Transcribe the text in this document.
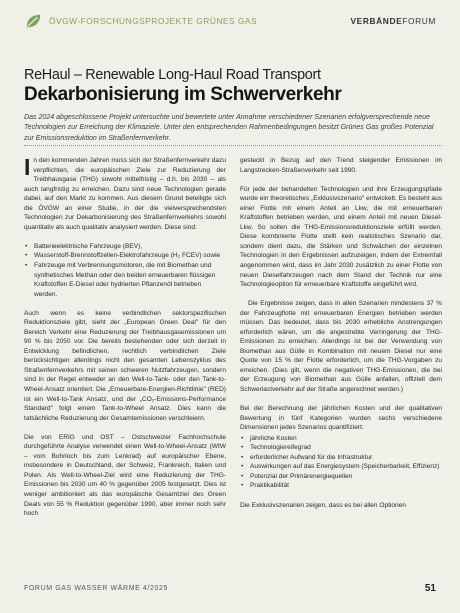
ÖVGW-FORSCHUNGSPROJEKTE GRÜNES GAS	VERBÄNDEFORUM
ReHaul – Renewable Long-Haul Road Transport
Dekarbonisierung im Schwerverkehr

Das 2024 abgeschlossene Projekt untersuchte und bewertete unter Annahme verschiedener Szenarien erfolgversprechende neue Technologien zur Erreichung der Klimaziele. Unter den entsprechenden Rahmenbedingungen besitzt Grünes Gas großes Potenzial zur Emissionsreduktion im Straßenfernverkehr.

In den kommenden Jahren muss sich der Straßenfernverkehr dazu verpflichten, die europäischen Ziele zur Reduzierung der Treibhausgase (THG) sowohl mittelfristig – d.h. bis 2030 – als auch langfristig zu erreichen. Dazu sind neue Technologien gerade dabei, auf den Markt zu kommen. Aus diesem Grund beteiligte sich die ÖVGW an einer Studie, in der die vielversprechendsten Technologien zur Dekarbonisierung des Straßenfernverkehrs sowohl quantitativ als auch qualitativ analysiert werden. Diese sind:

• Batterieelektrische Fahrzeuge (BEV),
• Wasserstoff-Brennstoffzellen-Elektrofahrzeuge (H₂ FCEV) sowie
• Fahrzeuge mit Verbrennungsmotoren, die mit Biomethan und synthetisches Methan oder den beiden erneuerbaren flüssigen Kraftstoffen E-Diesel oder hydrierten Pflanzenöl betrieben werden.

Auch wenn es keine verbindlichen sektorspezifischen Reduktionsziele gibt, sieht der „European Green Deal" für den Bereich Verkehr eine Reduzierung der Treibhausgasemissionen um 90 % bis 2050 vor. Die bereits bestehenden oder sich derzeit in Entwicklung befindlichen, rechtlich verbindlichen Ziele berücksichtigen allerdings nicht den gesamten Lebenszyklus des Straßenfernverkehrs mit seinen schweren Nutzfahrzeugen, sondern sind in der Regel entweder an den Well-to-Tank- oder den Tank-to-Wheel-Ansatz orientiert. Die „Erneuerbare-Energien-Richtlinie" (RED) ist ein Well-to-Tank Ansatz, und der „CO₂-Emissions-Performance Standard" folgt einem Tank-to-Wheel Ansatz. Dies kann die tatsächliche Reduzierung der Gesamtemissionen verschleiern.

Die von ERIG und OST – Ostschweizer Fachhochschule durchgeführte Analyse verwendet einen Well-to-Wheel-Ansatz (WtW – vom Bohrloch bis zum Lenkrad) auf europäischer Ebene, insbesondere in Deutschland, der Schweiz, Frankreich, Italien und Polen. Als Well-to-Wheel-Ziel wird eine Reduzierung der THG-Emissionen bis 2030 um 40 % gegenüber 2005 festgesetzt. Dies ist weniger ambitioniert als das europäische Gesamtziel des Green Deals von 55 % Reduktion gegenüber 1990, aber immer noch sehr hoch

gesteckt in Bezug auf den Trend steigender Emissionen im Langstrecken-Straßenverkehr seit 1990.

Für jede der behandelten Technologien und ihre Erzeugungspfade wurde ein theoretisches „Exklusivszenario" entwickelt. Es besteht aus einer Flotte mit einem Anteil an Lkw, die mit erneuerbaren Kraftstoffen betrieben werden, und einem Anteil mit neuen Diesel-Lkw. So sollen die THG-Emissionsreduktionsziele erfüllt werden. Diese kombinierte Flotte stellt kein realistisches Szenario dar, sondern dient dazu, die Stärken und Schwächen der einzelnen Technologien in den Ergebnissen aufzuzeigen, indem der Extremfall angenommen wird, dass im Jahr 2030 zusätzlich zu einer Flotte von neuen Dieselfahrzeugen nach dem Stand der Technik nur eine Technologieoption für erneuerbare Kraftstoffe eingeführt wird.

Die Ergebnisse zeigen, dass in allen Szenarien mindestens 37 % der Fahrzeugflotte mit erneuerbaren Energien betrieben werden müssen. Das bedeutet, dass bis 2030 erhebliche Anstrengungen erforderlich wären, um die angestrebte Verringerung der THG-Emissionen zu erreichen. Allerdings ist bei der Verwendung von Biomethan aus Gülle in Kombination mit neuem Diesel nur eine Quote von 15 % der Flotte erforderlich, um die THG-Vorgaben zu erreichen. (Dies gilt, wenn die negativen THG-Emissionen, die bei der Erzeugung von Biomethan aus Gülle anfallen, offiziell dem Schwerlastverkehr auf der Straße angerechnet werden.)

Bei der Berechnung der jährlichen Kosten und der qualitativen Bewertung in fünf Kategorien wurden sechs verschiedene Dimensionen jedes Szenarios quantifiziert:

• jährliche Kosten
• Technologiereifegrad
• erforderlicher Aufwand für die Infrastruktur
• Auswirkungen auf das Energiesystem (Speicherbarkeit, Effizienz)
• Potenzial der Primärenergiequellen
• Praktikabilität

Die Exklusivszenarien zeigen, dass es bei allen Optionen

FORUM GAS WASSER WÄRME 4/2025	51
